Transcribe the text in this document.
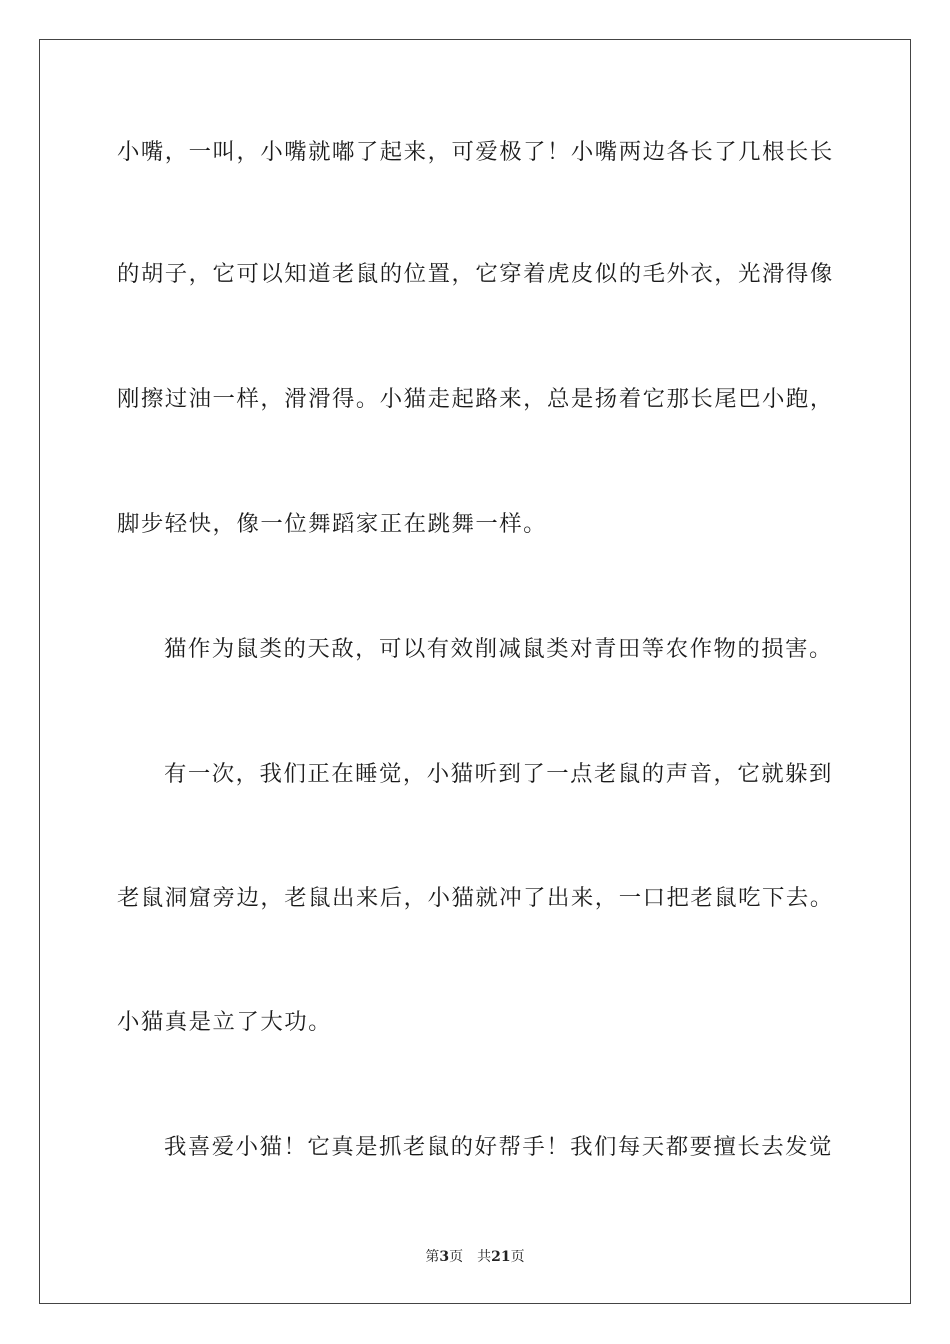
小嘴，一叫，小嘴就嘟了起来，可爱极了！小嘴两边各长了几根长长
的胡子，它可以知道老鼠的位置，它穿着虎皮似的毛外衣，光滑得像
刚擦过油一样，滑滑得。小猫走起路来，总是扬着它那长尾巴小跑，
脚步轻快，像一位舞蹈家正在跳舞一样。
猫作为鼠类的天敌，可以有效削减鼠类对青田等农作物的损害。
有一次，我们正在睡觉，小猫听到了一点老鼠的声音，它就躲到
老鼠洞窟旁边，老鼠出来后，小猫就冲了出来，一口把老鼠吃下去。
小猫真是立了大功。
我喜爱小猫！它真是抓老鼠的好帮手！我们每天都要擅长去发觉
第3页 共21页
